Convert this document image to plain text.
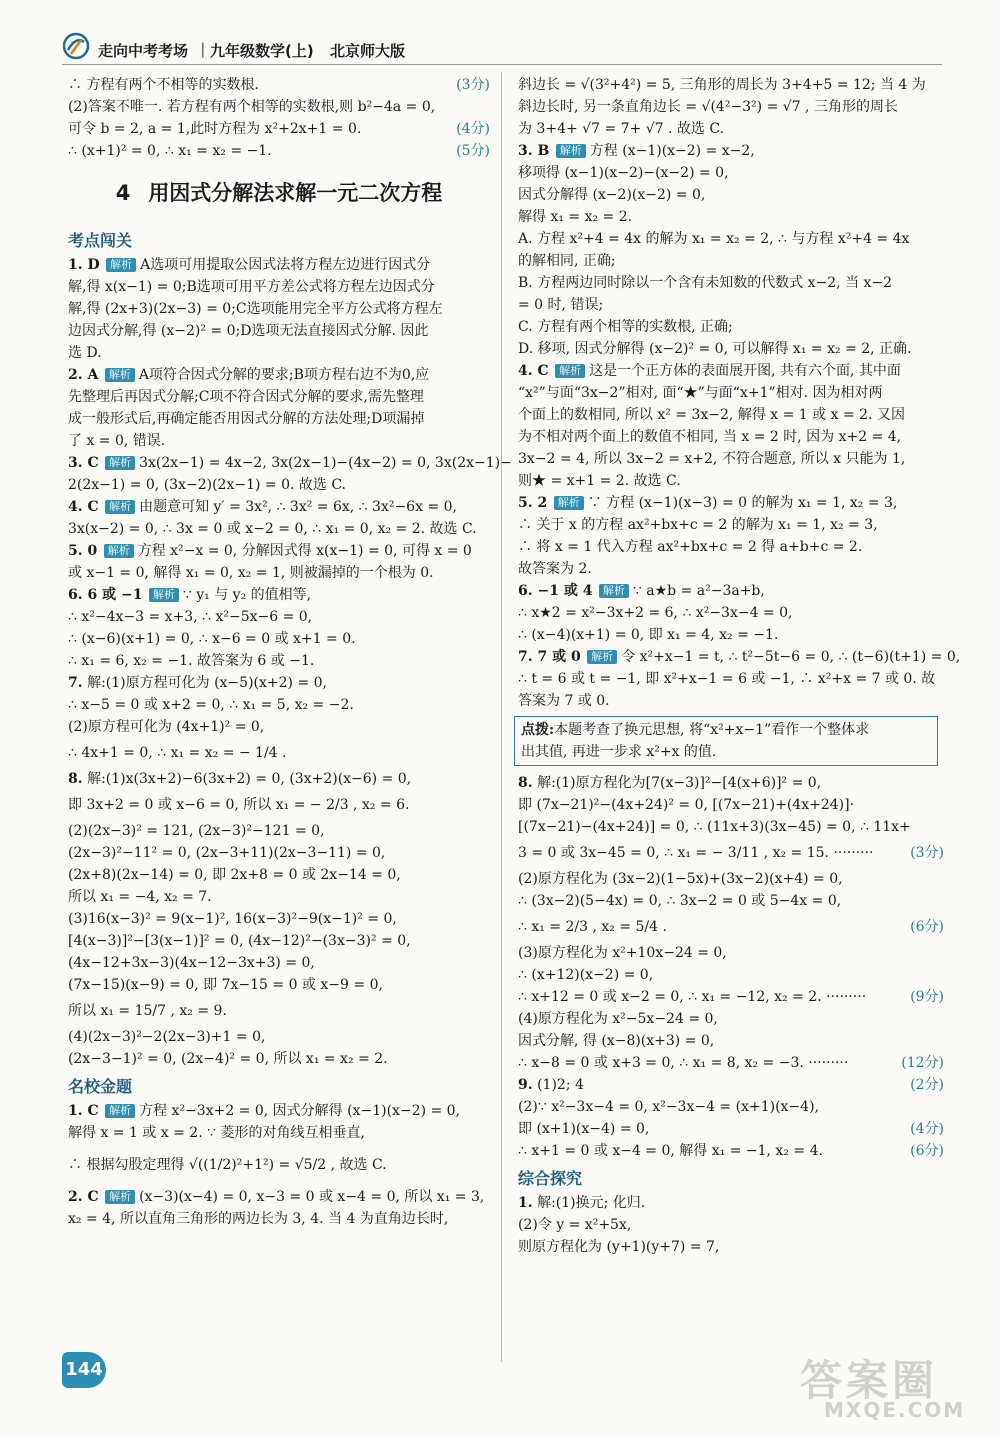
走向中考考场 | 九年级数学(上) 北京师大版
∴ 方程有两个不相等的实数根.	(3分)
(2)答案不唯一. 若方程有两个相等的实数根,则 b²−4a = 0,
可令 b = 2, a = 1,此时方程为 x²+2x+1 = 0.	(4分)
∴ (x+1)² = 0, ∴ x₁ = x₂ = −1.	(5分)
4 用因式分解法求解一元二次方程
考点闯关
1. D 解析 A选项可用提取公因式法将方程左边进行因式分
解,得 x(x−1) = 0;B选项可用平方差公式将方程左边因式分
解,得 (2x+3)(2x−3) = 0;C选项能用完全平方公式将方程左
边因式分解,得 (x−2)² = 0;D选项无法直接因式分解. 因此
选 D.
2. A 解析 A项符合因式分解的要求;B项方程右边不为0,应
先整理后再因式分解;C项不符合因式分解的要求,需先整理
成一般形式后,再确定能否用因式分解的方法处理;D项漏掉
了 x = 0, 错误.
3. C 解析 3x(2x−1) = 4x−2, 3x(2x−1)−(4x−2) = 0, 3x(2x−1)−
2(2x−1) = 0, (3x−2)(2x−1) = 0. 故选 C.
4. C 解析 由题意可知 y′ = 3x², ∴ 3x² = 6x, ∴ 3x²−6x = 0,
3x(x−2) = 0, ∴ 3x = 0 或 x−2 = 0, ∴ x₁ = 0, x₂ = 2. 故选 C.
5. 0 解析 方程 x²−x = 0, 分解因式得 x(x−1) = 0, 可得 x = 0
或 x−1 = 0, 解得 x₁ = 0, x₂ = 1, 则被漏掉的一个根为 0.
6. 6 或 −1 解析 ∵ y₁ 与 y₂ 的值相等,
∴ x²−4x−3 = x+3, ∴ x²−5x−6 = 0,
∴ (x−6)(x+1) = 0, ∴ x−6 = 0 或 x+1 = 0.
∴ x₁ = 6, x₂ = −1. 故答案为 6 或 −1.
7. 解:(1)原方程可化为 (x−5)(x+2) = 0,
∴ x−5 = 0 或 x+2 = 0, ∴ x₁ = 5, x₂ = −2.
(2)原方程可化为 (4x+1)² = 0,
∴ 4x+1 = 0, ∴ x₁ = x₂ = − 1/4 .
8. 解:(1)x(3x+2)−6(3x+2) = 0, (3x+2)(x−6) = 0,
即 3x+2 = 0 或 x−6 = 0, 所以 x₁ = − 2/3 , x₂ = 6.
(2)(2x−3)² = 121, (2x−3)²−121 = 0,
(2x−3)²−11² = 0, (2x−3+11)(2x−3−11) = 0,
(2x+8)(2x−14) = 0, 即 2x+8 = 0 或 2x−14 = 0,
所以 x₁ = −4, x₂ = 7.
(3)16(x−3)² = 9(x−1)², 16(x−3)²−9(x−1)² = 0,
[4(x−3)]²−[3(x−1)]² = 0, (4x−12)²−(3x−3)² = 0,
(4x−12+3x−3)(4x−12−3x+3) = 0,
(7x−15)(x−9) = 0, 即 7x−15 = 0 或 x−9 = 0,
所以 x₁ = 15/7 , x₂ = 9.
(4)(2x−3)²−2(2x−3)+1 = 0,
(2x−3−1)² = 0, (2x−4)² = 0, 所以 x₁ = x₂ = 2.
名校金题
1. C 解析 方程 x²−3x+2 = 0, 因式分解得 (x−1)(x−2) = 0,
解得 x = 1 或 x = 2. ∵ 菱形的对角线互相垂直,
∴ 根据勾股定理得 √((1/2)²+1²) = √5/2 , 故选 C.
2. C 解析 (x−3)(x−4) = 0, x−3 = 0 或 x−4 = 0, 所以 x₁ = 3,
x₂ = 4, 所以直角三角形的两边长为 3, 4. 当 4 为直角边长时,
斜边长 = √(3²+4²) = 5, 三角形的周长为 3+4+5 = 12; 当 4 为
斜边长时, 另一条直角边长 = √(4²−3²) = √7 , 三角形的周长
为 3+4+ √7 = 7+ √7 . 故选 C.
3. B 解析 方程 (x−1)(x−2) = x−2,
移项得 (x−1)(x−2)−(x−2) = 0,
因式分解得 (x−2)(x−2) = 0,
解得 x₁ = x₂ = 2.
A. 方程 x²+4 = 4x 的解为 x₁ = x₂ = 2, ∴ 与方程 x²+4 = 4x
的解相同, 正确;
B. 方程两边同时除以一个含有未知数的代数式 x−2, 当 x−2
= 0 时, 错误;
C. 方程有两个相等的实数根, 正确;
D. 移项, 因式分解得 (x−2)² = 0, 可以解得 x₁ = x₂ = 2, 正确.
4. C 解析 这是一个正方体的表面展开图, 共有六个面, 其中面
“x²”与面“3x−2”相对, 面“★”与面“x+1”相对. 因为相对两
个面上的数相同, 所以 x² = 3x−2, 解得 x = 1 或 x = 2. 又因
为不相对两个面上的数值不相同, 当 x = 2 时, 因为 x+2 = 4,
3x−2 = 4, 所以 3x−2 = x+2, 不符合题意, 所以 x 只能为 1,
则★ = x+1 = 2. 故选 C.
5. 2 解析 ∵ 方程 (x−1)(x−3) = 0 的解为 x₁ = 1, x₂ = 3,
∴ 关于 x 的方程 ax²+bx+c = 2 的解为 x₁ = 1, x₂ = 3,
∴ 将 x = 1 代入方程 ax²+bx+c = 2 得 a+b+c = 2.
故答案为 2.
6. −1 或 4 解析 ∵ a★b = a²−3a+b,
∴ x★2 = x²−3x+2 = 6, ∴ x²−3x−4 = 0,
∴ (x−4)(x+1) = 0, 即 x₁ = 4, x₂ = −1.
7. 7 或 0 解析 令 x²+x−1 = t, ∴ t²−5t−6 = 0, ∴ (t−6)(t+1) = 0,
∴ t = 6 或 t = −1, 即 x²+x−1 = 6 或 −1, ∴ x²+x = 7 或 0. 故
答案为 7 或 0.
点拨:本题考查了换元思想, 将“x²+x−1”看作一个整体求
出其值, 再进一步求 x²+x 的值.
8. 解:(1)原方程化为[7(x−3)]²−[4(x+6)]² = 0,
即 (7x−21)²−(4x+24)² = 0, [(7x−21)+(4x+24)]·
[(7x−21)−(4x+24)] = 0, ∴ (11x+3)(3x−45) = 0, ∴ 11x+
3 = 0 或 3x−45 = 0, ∴ x₁ = − 3/11 , x₂ = 15. ·········	(3分)
(2)原方程化为 (3x−2)(1−5x)+(3x−2)(x+4) = 0,
∴ (3x−2)(5−4x) = 0, ∴ 3x−2 = 0 或 5−4x = 0,
∴ x₁ = 2/3 , x₂ = 5/4 .	(6分)
(3)原方程化为 x²+10x−24 = 0,
∴ (x+12)(x−2) = 0,
∴ x+12 = 0 或 x−2 = 0, ∴ x₁ = −12, x₂ = 2. ·········	(9分)
(4)原方程化为 x²−5x−24 = 0,
因式分解, 得 (x−8)(x+3) = 0,
∴ x−8 = 0 或 x+3 = 0, ∴ x₁ = 8, x₂ = −3. ·········	(12分)
9. (1)2; 4	(2分)
(2)∵ x²−3x−4 = 0, x²−3x−4 = (x+1)(x−4),
即 (x+1)(x−4) = 0,	(4分)
∴ x+1 = 0 或 x−4 = 0, 解得 x₁ = −1, x₂ = 4.	(6分)
综合探究
1. 解:(1)换元; 化归.
(2)令 y = x²+5x,
则原方程化为 (y+1)(y+7) = 7,
144	答案圈
MXQE.COM
